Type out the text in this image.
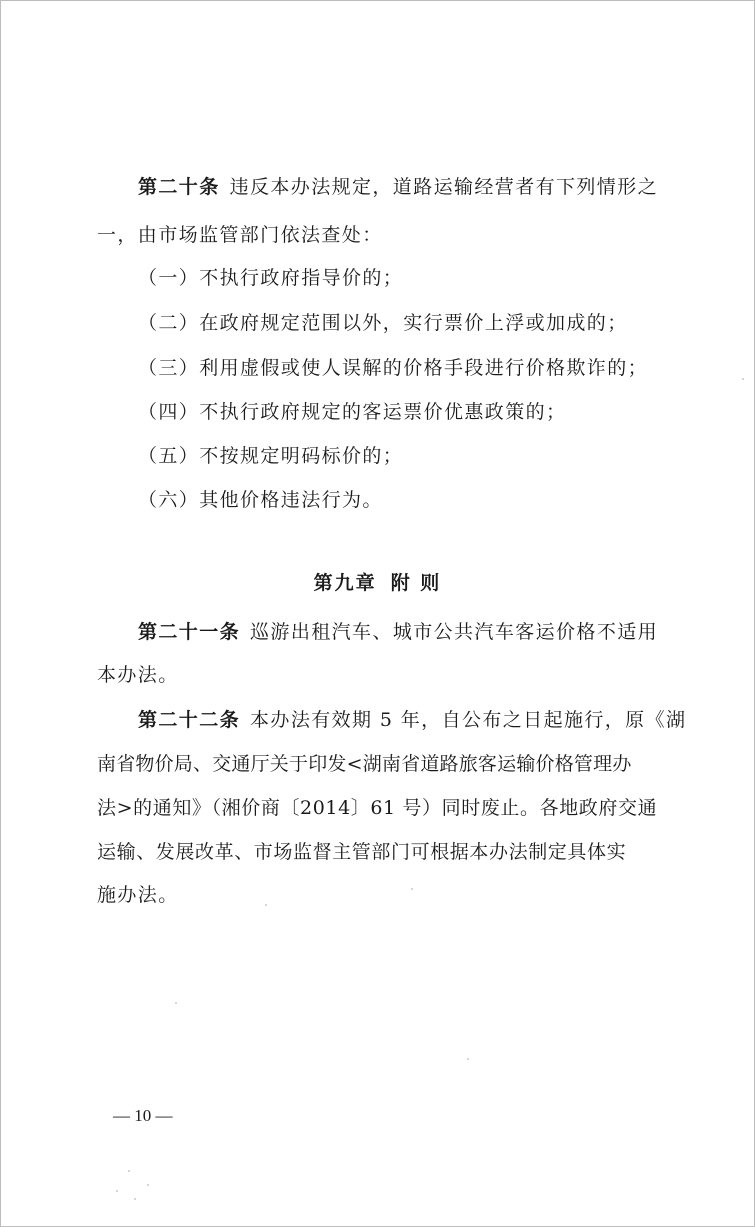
第二十条 违反本办法规定，道路运输经营者有下列情形之
一，由市场监管部门依法查处：
（一）不执行政府指导价的；
（二）在政府规定范围以外，实行票价上浮或加成的；
（三）利用虚假或使人误解的价格手段进行价格欺诈的；
（四）不执行政府规定的客运票价优惠政策的；
（五）不按规定明码标价的；
（六）其他价格违法行为。
第九章 附 则
第二十一条 巡游出租汽车、城市公共汽车客运价格不适用
本办法。
第二十二条 本办法有效期 5 年，自公布之日起施行，原《湖
南省物价局、交通厅关于印发<湖南省道路旅客运输价格管理办
法>的通知》（湘价商〔2014〕61 号）同时废止。各地政府交通
运输、发展改革、市场监督主管部门可根据本办法制定具体实
施办法。
— 10 —
